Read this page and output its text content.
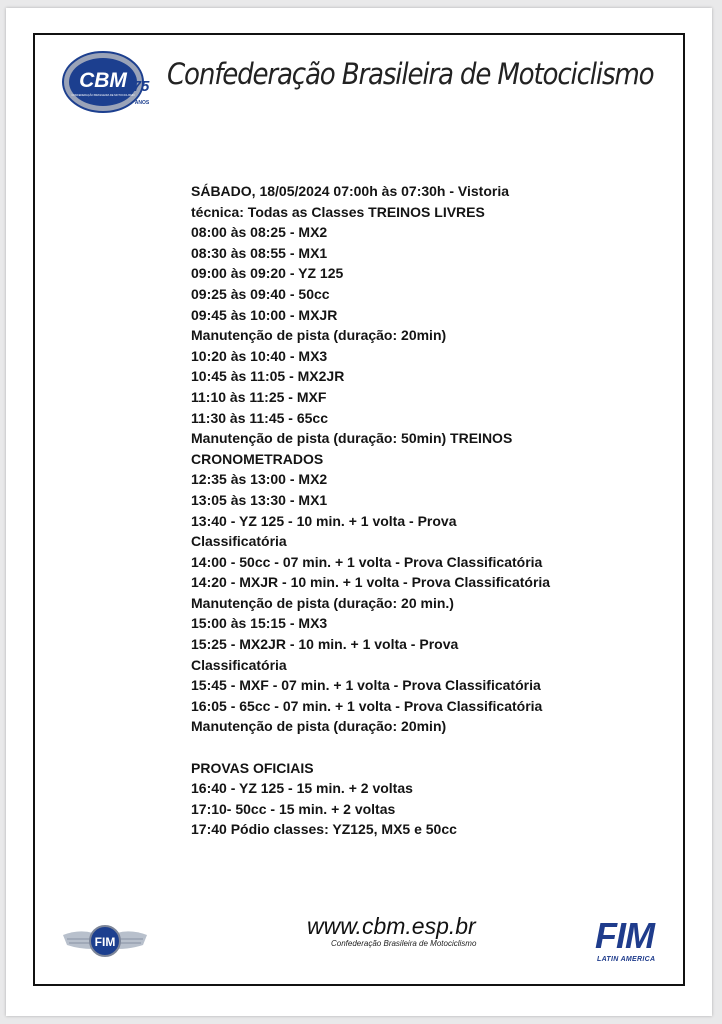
CBM
CONFEDERAÇÃO BRASILEIRA DE MOTOCICLISMO
75
ANOS
Confederação Brasileira de Motociclismo
SÁBADO, 18/05/2024 07:00h às 07:30h - Vistoria
técnica: Todas as Classes TREINOS LIVRES
08:00 às 08:25 - MX2
08:30 às 08:55 - MX1
09:00 às 09:20 - YZ 125
09:25 às 09:40 - 50cc
09:45 às 10:00 - MXJR
Manutenção de pista (duração: 20min)
10:20 às 10:40 - MX3
10:45 às 11:05 - MX2JR
11:10 às 11:25 - MXF
11:30 às 11:45 - 65cc
Manutenção de pista (duração: 50min) TREINOS
CRONOMETRADOS
12:35 às 13:00 - MX2
13:05 às 13:30 - MX1
13:40 - YZ 125 - 10 min. + 1 volta - Prova
Classificatória
14:00 - 50cc - 07 min. + 1 volta - Prova Classificatória
14:20 - MXJR - 10 min. + 1 volta - Prova Classificatória
Manutenção de pista (duração: 20 min.)
15:00 às 15:15 - MX3
15:25 - MX2JR - 10 min. + 1 volta - Prova
Classificatória
15:45 - MXF - 07 min. + 1 volta - Prova Classificatória
16:05 - 65cc - 07 min. + 1 volta - Prova Classificatória
Manutenção de pista (duração: 20min)
PROVAS OFICIAIS
16:40 - YZ 125 - 15 min. + 2 voltas
17:10- 50cc - 15 min. + 2 voltas
17:40 Pódio classes: YZ125, MX5 e 50cc
FIM
www.cbm.esp.br
Confederação Brasileira de Motociclismo	FIM
LATIN AMERICA
